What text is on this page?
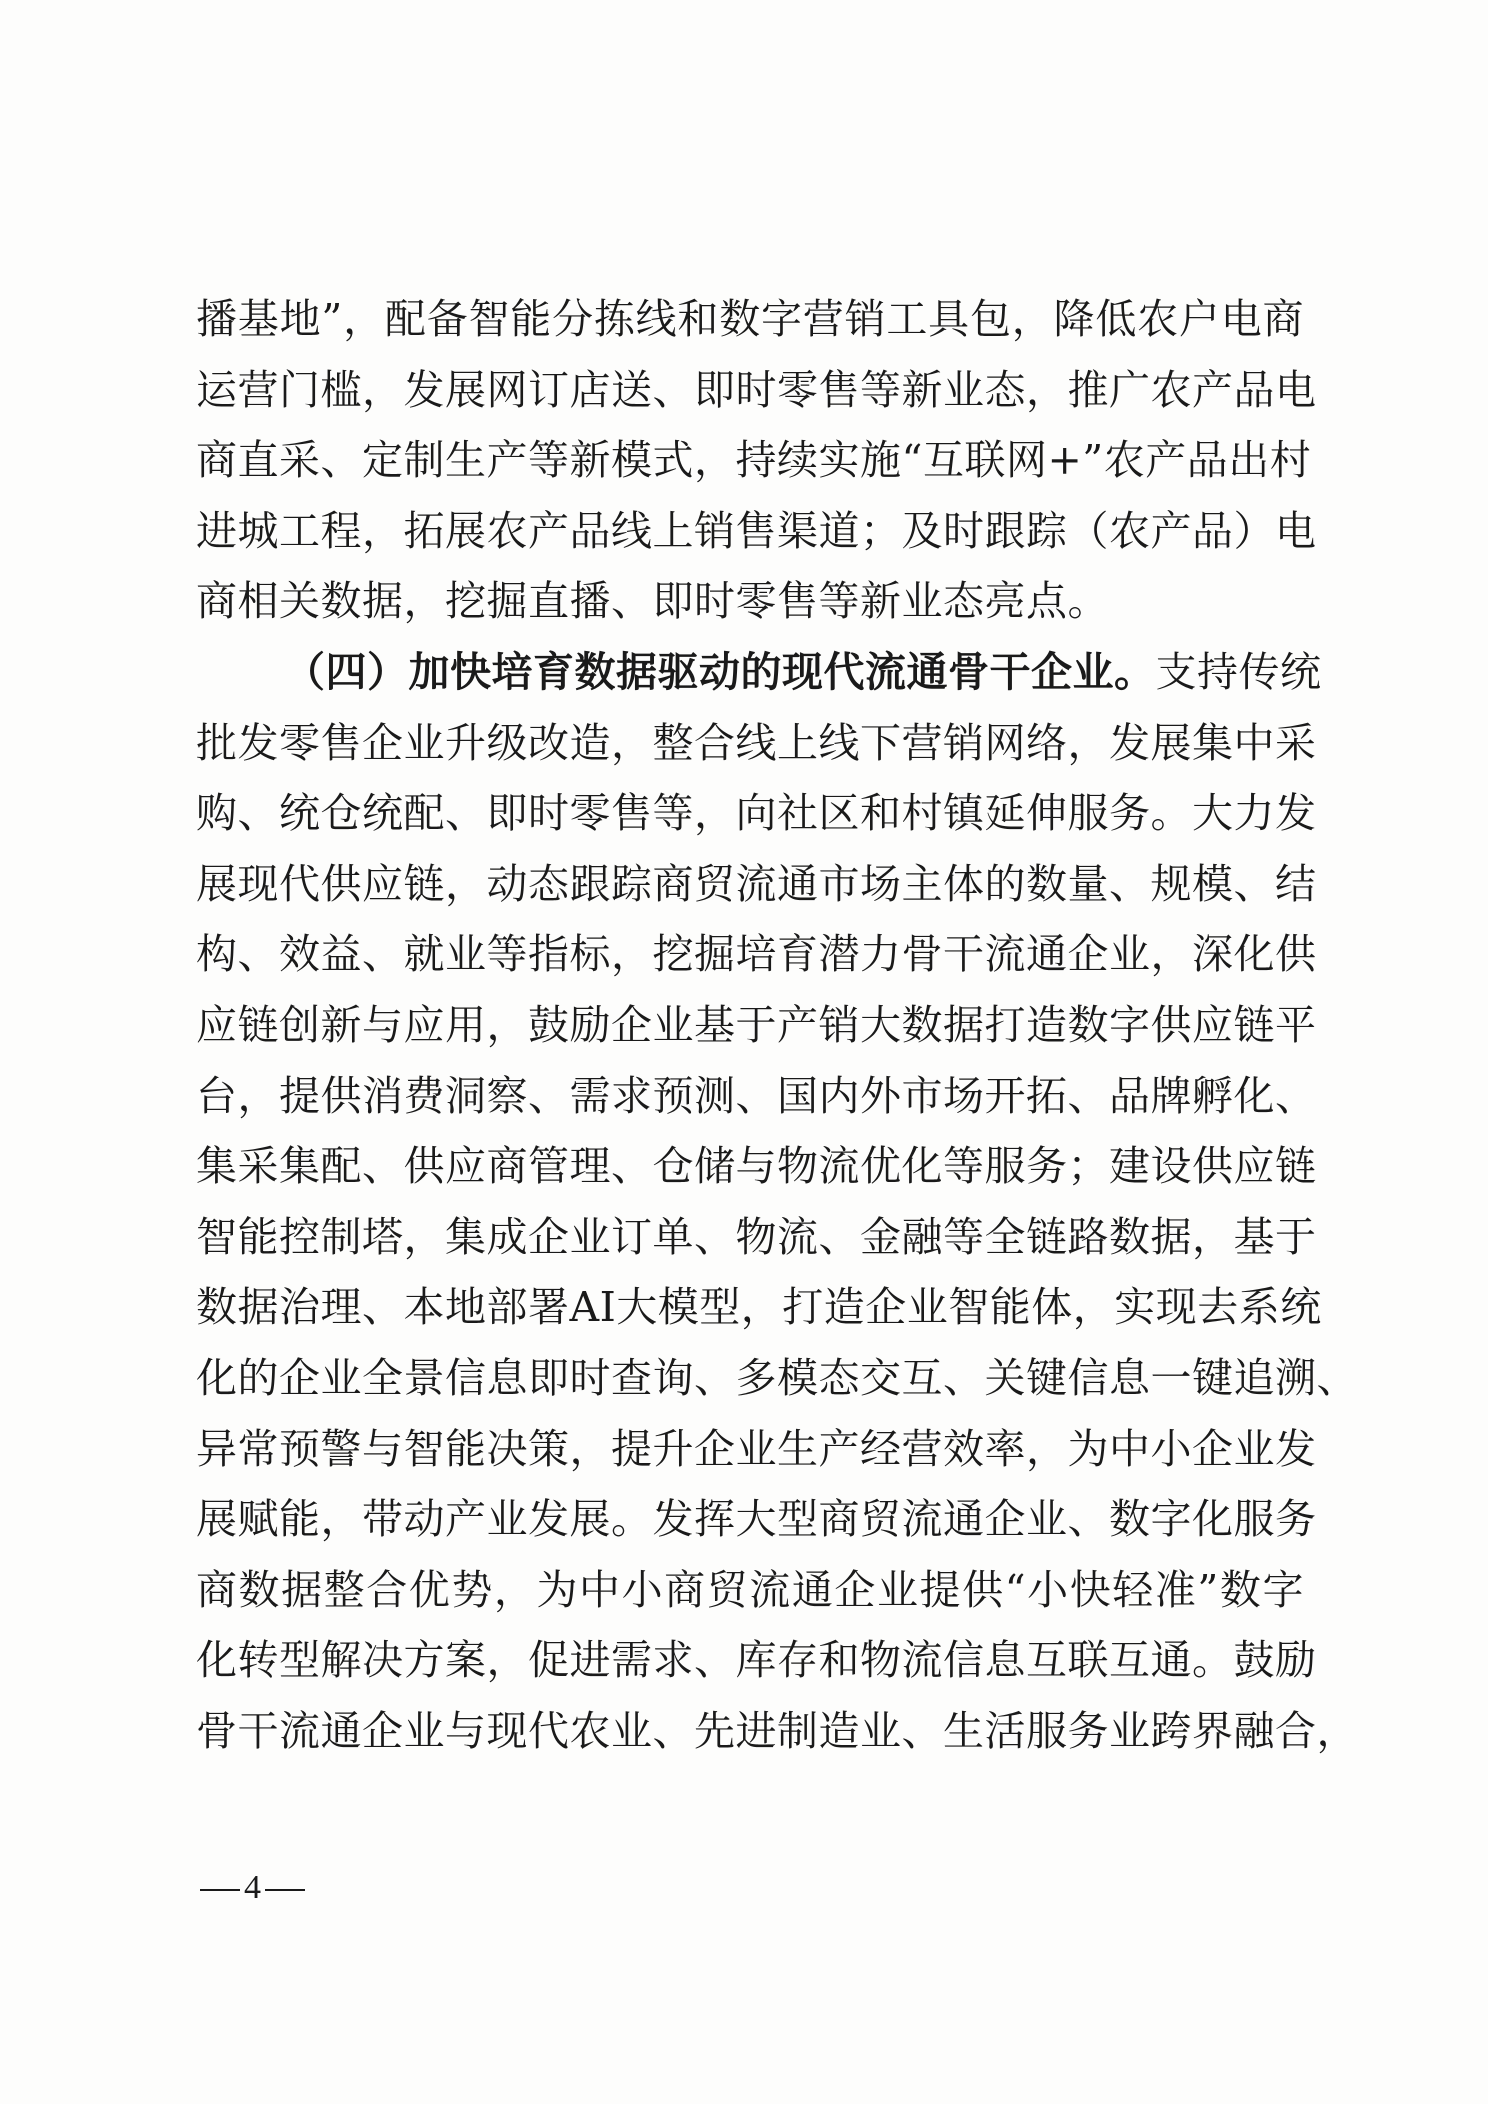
播基地”，配备智能分拣线和数字营销工具包，降低农户电商
运营门槛，发展网订店送、即时零售等新业态，推广农产品电
商直采、定制生产等新模式，持续实施“互联网+”农产品出村
进城工程，拓展农产品线上销售渠道；及时跟踪（农产品）电
商相关数据，挖掘直播、即时零售等新业态亮点。
（四）加快培育数据驱动的现代流通骨干企业。支持传统
批发零售企业升级改造，整合线上线下营销网络，发展集中采
购、统仓统配、即时零售等，向社区和村镇延伸服务。大力发
展现代供应链，动态跟踪商贸流通市场主体的数量、规模、结
构、效益、就业等指标，挖掘培育潜力骨干流通企业，深化供
应链创新与应用，鼓励企业基于产销大数据打造数字供应链平
台，提供消费洞察、需求预测、国内外市场开拓、品牌孵化、
集采集配、供应商管理、仓储与物流优化等服务；建设供应链
智能控制塔，集成企业订单、物流、金融等全链路数据，基于
数据治理、本地部署AI大模型，打造企业智能体，实现去系统
化的企业全景信息即时查询、多模态交互、关键信息一键追溯、
异常预警与智能决策，提升企业生产经营效率，为中小企业发
展赋能，带动产业发展。发挥大型商贸流通企业、数字化服务
商数据整合优势，为中小商贸流通企业提供“小快轻准”数字
化转型解决方案，促进需求、库存和物流信息互联互通。鼓励
骨干流通企业与现代农业、先进制造业、生活服务业跨界融合，
4
